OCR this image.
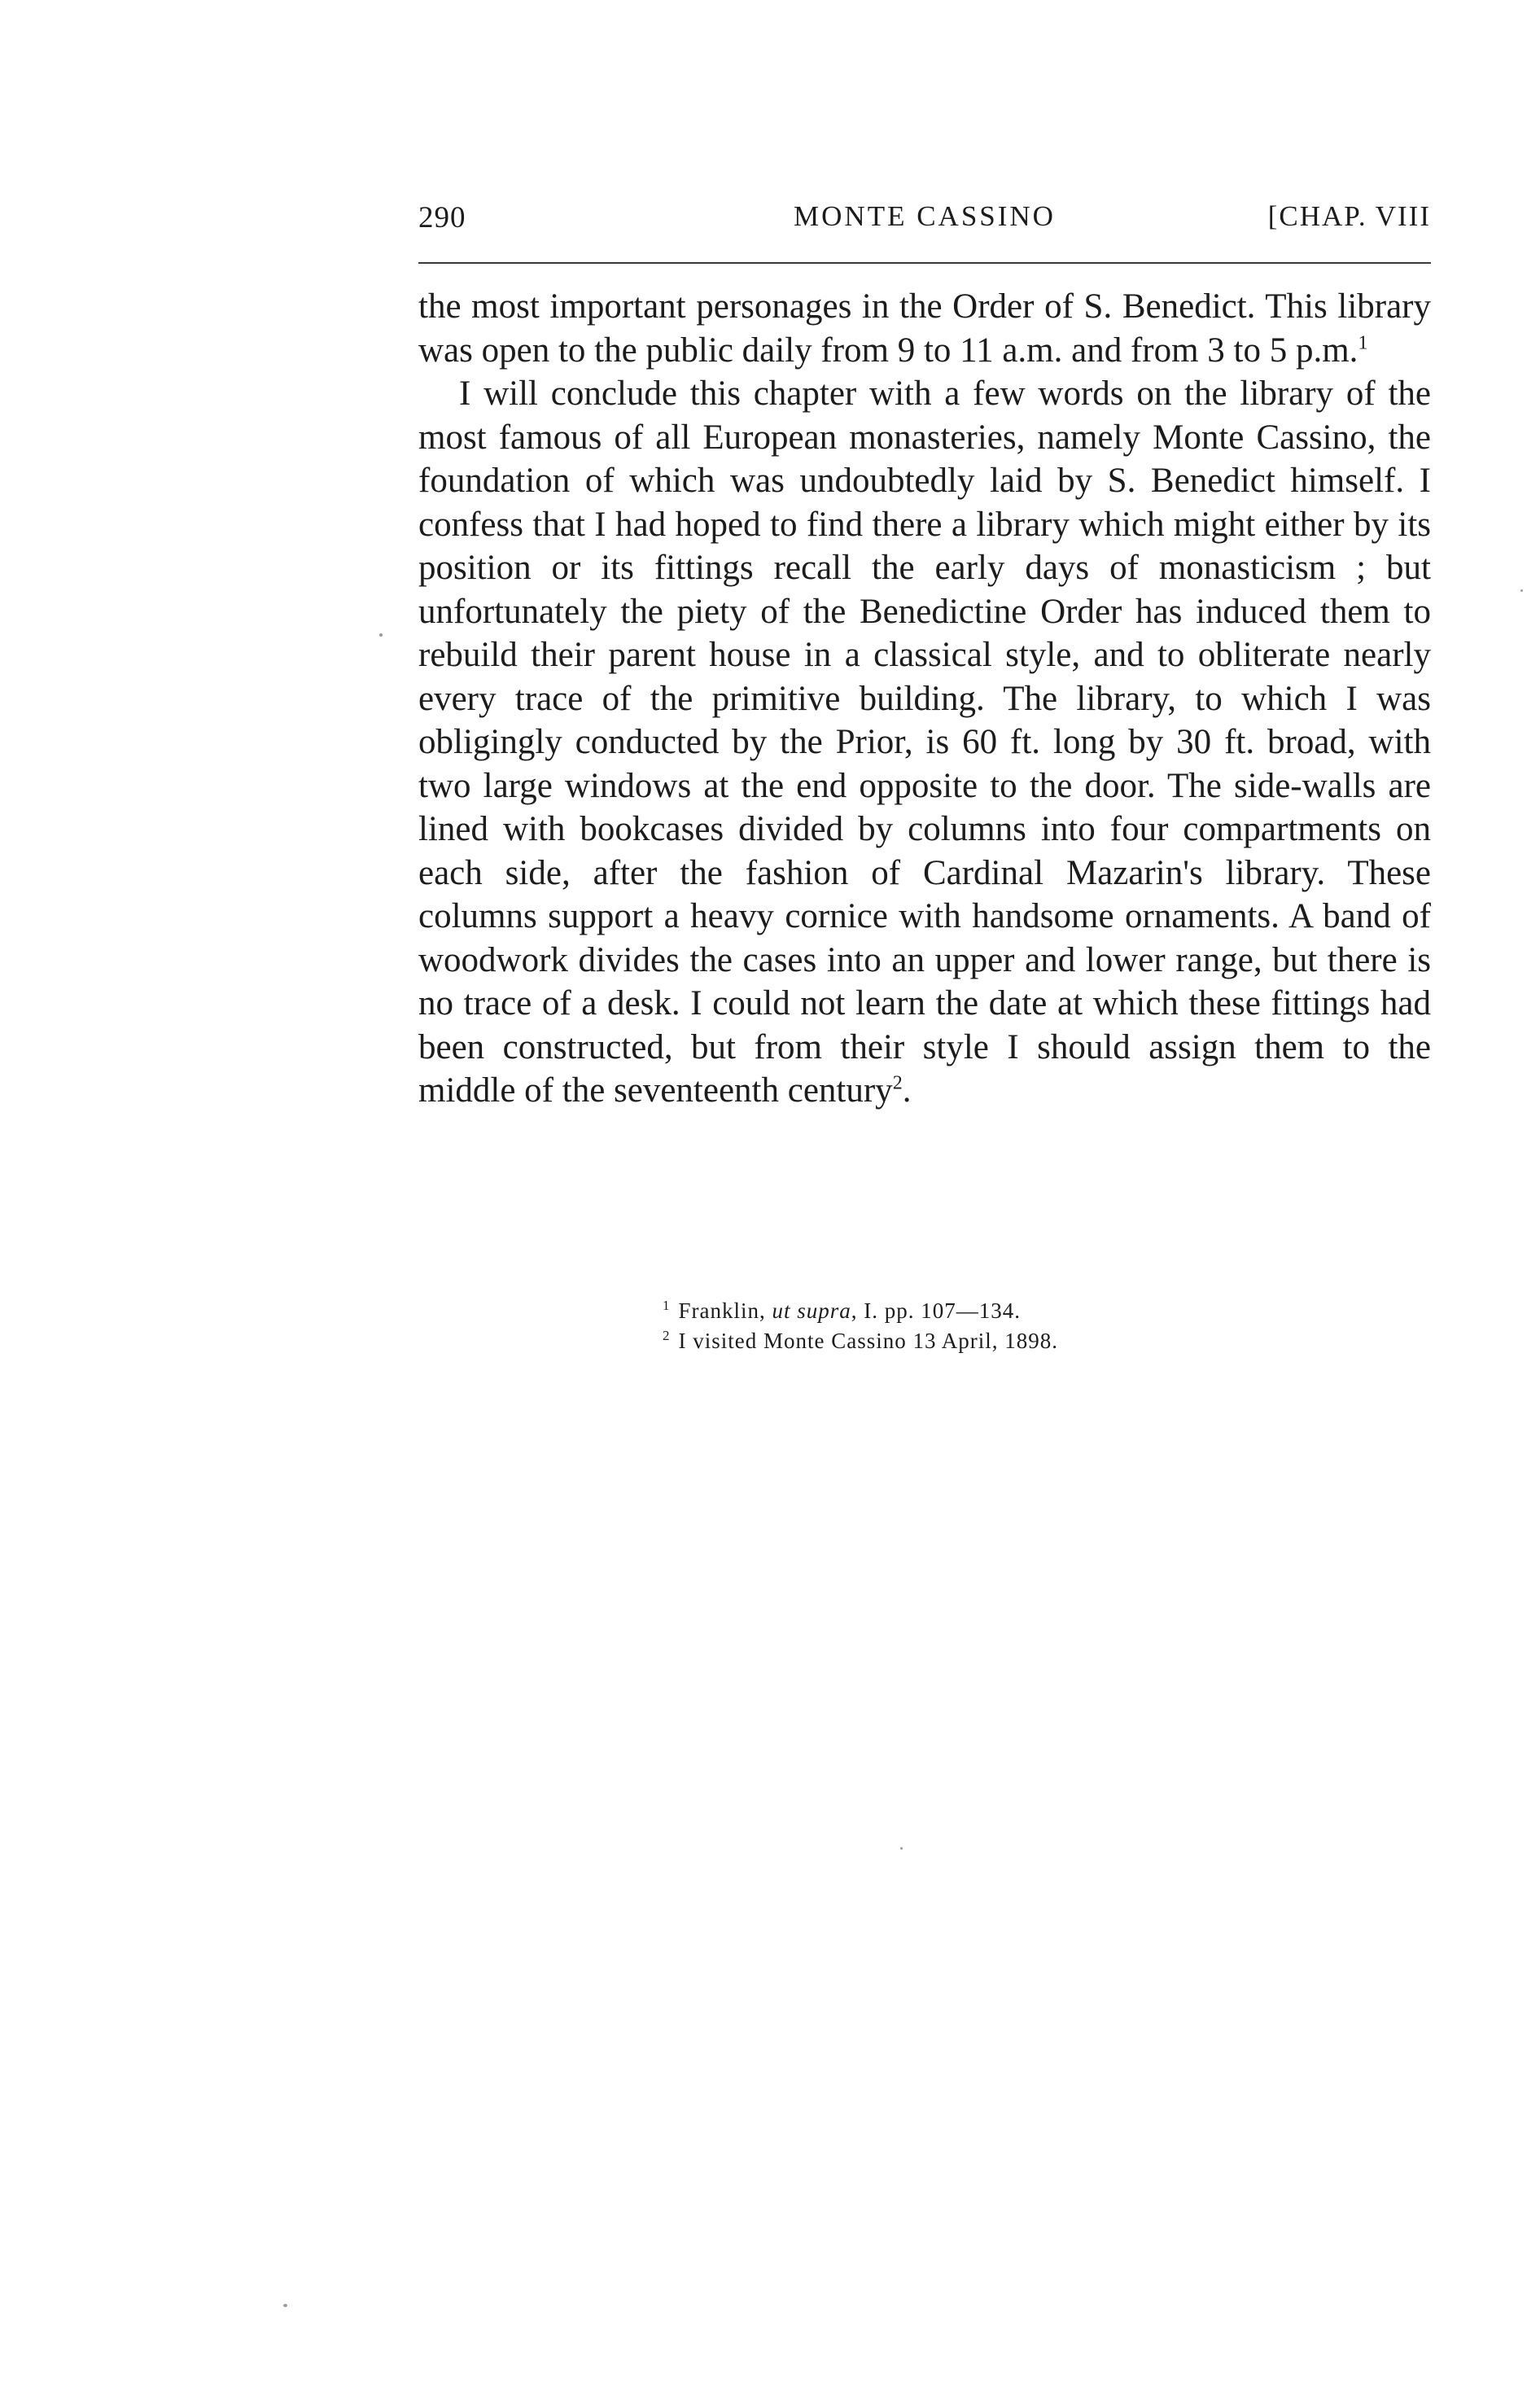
290	MONTE CASSINO	[CHAP. VIII

the most important personages in the Order of S. Benedict. This library was open to the public daily from 9 to 11 a.m. and from 3 to 5 p.m.$^1$

I will conclude this chapter with a few words on the library of the most famous of all European monasteries, namely Monte Cassino, the foundation of which was undoubtedly laid by S. Benedict himself. I confess that I had hoped to find there a library which might either by its position or its fittings recall the early days of monasticism ; but unfortunately the piety of the Benedictine Order has induced them to rebuild their parent house in a classical style, and to obliterate nearly every trace of the primitive building. The library, to which I was obligingly conducted by the Prior, is 60 ft. long by 30 ft. broad, with two large windows at the end opposite to the door. The side-walls are lined with bookcases divided by columns into four compartments on each side, after the fashion of Cardinal Mazarin's library. These columns support a heavy cornice with handsome ornaments. A band of woodwork divides the cases into an upper and lower range, but there is no trace of a desk. I could not learn the date at which these fittings had been constructed, but from their style I should assign them to the middle of the seventeenth century$^2$.

$^1$ Franklin, ut supra, I. pp. 107—134.

$^2$ I visited Monte Cassino 13 April, 1898.
